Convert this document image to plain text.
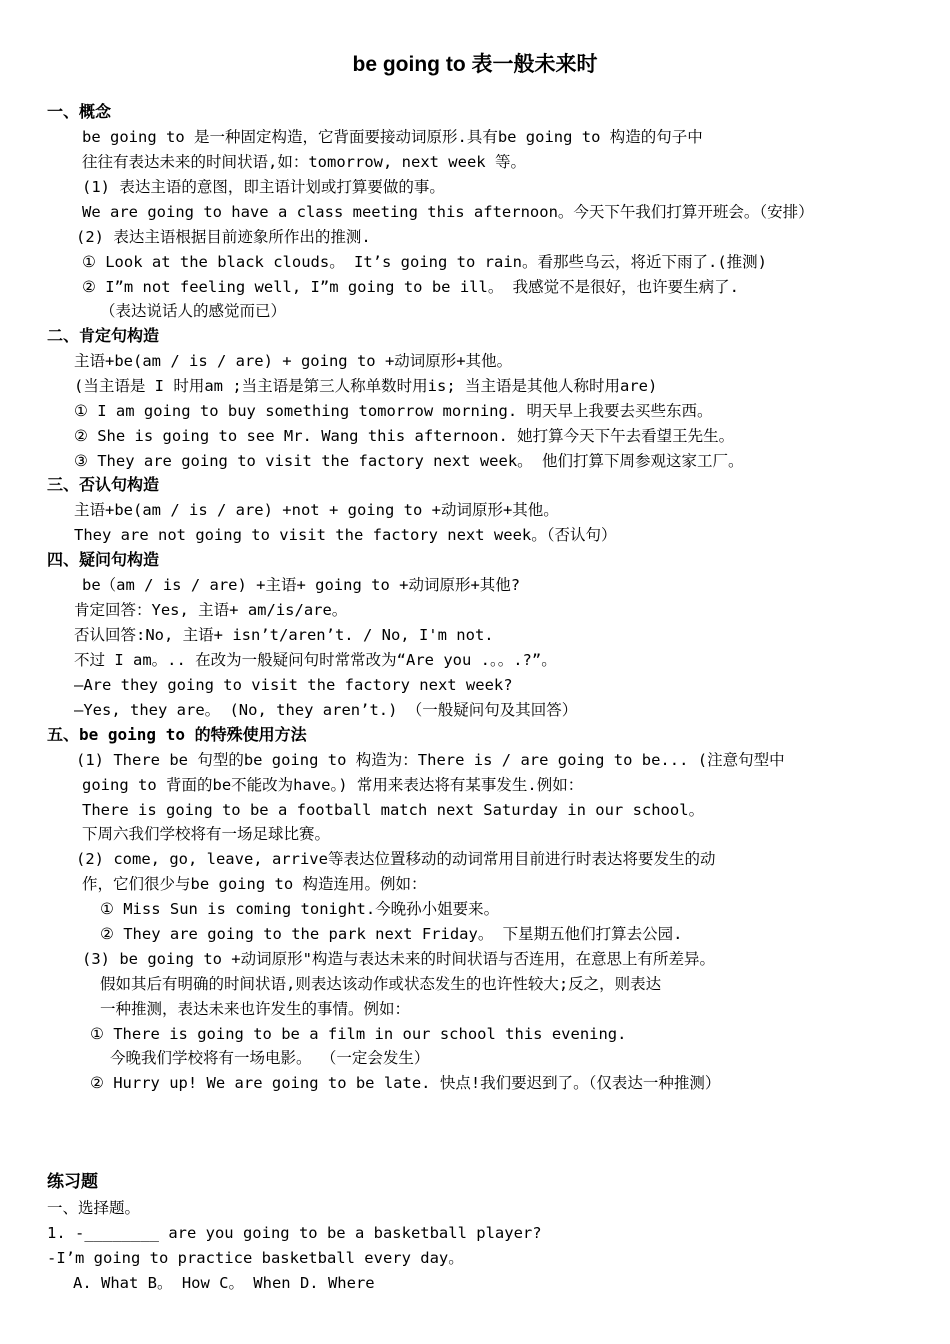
be going to 表一般未来时
一、概念
be going to 是一种固定构造，它背面要接动词原形.具有be going to 构造的句子中
往往有表达未来的时间状语,如：tomorrow, next week 等。
(1) 表达主语的意图，即主语计划或打算要做的事。
We are going to have a class meeting this afternoon。今天下午我们打算开班会。（安排）
(2) 表达主语根据目前迹象所作出的推测.
① Look at the black clouds。 It’s going to rain。看那些乌云，将近下雨了.(推测)
② I”m not feeling well, I”m going to be ill。 我感觉不是很好，也许要生病了.
（表达说话人的感觉而已）
二、肯定句构造
主语+be(am / is / are) + going to +动词原形+其他。
(当主语是 I 时用am ;当主语是第三人称单数时用is; 当主语是其他人称时用are)
① I am going to buy something tomorrow morning. 明天早上我要去买些东西。
② She is going to see Mr. Wang this afternoon. 她打算今天下午去看望王先生。
③ They are going to visit the factory next week。 他们打算下周参观这家工厂。
三、否认句构造
主语+be(am / is / are) +not + going to +动词原形+其他。
They are not going to visit the factory next week。（否认句）
四、疑问句构造
be（am / is / are) +主语+ going to +动词原形+其他?
肯定回答：Yes, 主语+ am/is/are。
否认回答:No, 主语+ isn’t/aren’t. / No, I'm not.
不过 I am。.. 在改为一般疑问句时常常改为“Are you .。。.?”。
—Are they going to visit the factory next week?
—Yes, they are。 (No, they aren’t.) （一般疑问句及其回答）
五、be going to 的特殊使用方法
(1) There be 句型的be going to 构造为：There is / are going to be... (注意句型中
going to 背面的be不能改为have。) 常用来表达将有某事发生.例如：
There is going to be a football match next Saturday in our school。
下周六我们学校将有一场足球比赛。
(2) come, go, leave, arrive等表达位置移动的动词常用目前进行时表达将要发生的动
作，它们很少与be going to 构造连用。例如：
① Miss Sun is coming tonight.今晚孙小姐要来。
② They are going to the park next Friday。 下星期五他们打算去公园.
(3) be going to +动词原形"构造与表达未来的时间状语与否连用，在意思上有所差异。
假如其后有明确的时间状语,则表达该动作或状态发生的也许性较大;反之，则表达
一种推测，表达未来也许发生的事情。例如：
① There is going to be a film in our school this evening.
今晚我们学校将有一场电影。 （一定会发生）
② Hurry up! We are going to be late. 快点!我们要迟到了。（仅表达一种推测）
练习题
一、选择题。
1. -________ are you going to be a basketball player?
-I’m going to practice basketball every day。
A. What B。 How C。 When D. Where
